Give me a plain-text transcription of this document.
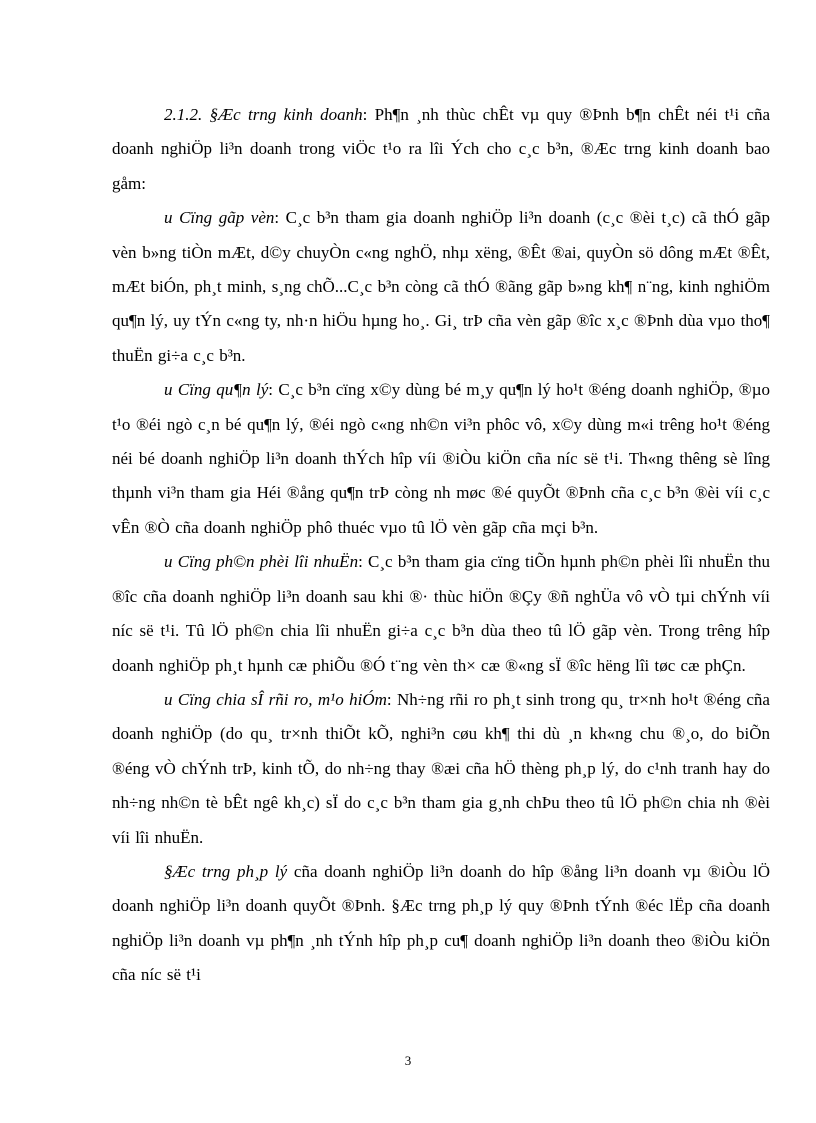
2.1.2. §Æc trng kinh doanh: Ph¶n ¸nh thùc chÊt vµ quy ®Þnh b¶n chÊt néi t¹i cña doanh nghiÖp li³n doanh trong viÖc t¹o ra lîi Ých cho c¸c b³n, ®Æc trng kinh doanh bao gåm:

u Cïng gãp vèn: C¸c b³n tham gia doanh nghiÖp li³n doanh (c¸c ®èi t¸c) cã thÓ gãp vèn b»ng tiÒn mÆt, d©y chuyÒn c«ng nghÖ, nhµ xëng, ®Êt ®ai, quyÒn sö dông mÆt ®Êt, mÆt biÓn, ph¸t minh, s¸ng chÕ...C¸c b³n còng cã thÓ ®ãng gãp b»ng kh¶ n¨ng, kinh nghiÖm qu¶n lý, uy tÝn c«ng ty, nh·n hiÖu hµng ho¸. Gi¸ trÞ cña vèn gãp ®îc x¸c ®Þnh dùa vµo tho¶ thuËn gi÷a c¸c b³n.

u Cïng qu¶n lý: C¸c b³n cïng x©y dùng bé m¸y qu¶n lý ho¹t ®éng doanh nghiÖp, ®µo t¹o ®éi ngò c¸n bé qu¶n lý, ®éi ngò c«ng nh©n vi³n phôc vô, x©y dùng m«i trêng ho¹t ®éng néi bé doanh nghiÖp li³n doanh thÝch hîp víi ®iÒu kiÖn cña níc së t¹i. Th«ng thêng sè lîng thµnh vi³n tham gia Héi ®ång qu¶n trÞ còng nh møc ®é quyÕt ®Þnh cña c¸c b³n ®èi víi c¸c vÊn ®Ò cña doanh nghiÖp phô thuéc vµo tû lÖ vèn gãp cña mçi b³n.

u Cïng ph©n phèi lîi nhuËn: C¸c b³n tham gia cïng tiÕn hµnh ph©n phèi lîi nhuËn thu ®îc cña doanh nghiÖp li³n doanh sau khi ®· thùc hiÖn ®Çy ®ñ nghÜa vô vÒ tµi chÝnh víi níc së t¹i. Tû lÖ ph©n chia lîi nhuËn gi÷a c¸c b³n dùa theo tû lÖ gãp vèn. Trong trêng hîp doanh nghiÖp ph¸t hµnh cæ phiÕu ®Ó t¨ng vèn th× cæ ®«ng sÏ ®îc hëng lîi tøc cæ phÇn.

u Cïng chia sÎ rñi ro, m¹o hiÓm: Nh÷ng rñi ro ph¸t sinh trong qu¸ tr×nh ho¹t ®éng cña doanh nghiÖp (do qu¸ tr×nh thiÕt kÕ, nghi³n cøu kh¶ thi dù ¸n kh«ng chu ®¸o, do biÕn ®éng vÒ chÝnh trÞ, kinh tÕ, do nh÷ng thay ®æi cña hÖ thèng ph¸p lý, do c¹nh tranh hay do nh÷ng nh©n tè bÊt ngê kh¸c) sÏ do c¸c b³n tham gia g¸nh chÞu theo tû lÖ ph©n chia nh ®èi víi lîi nhuËn.

§Æc trng ph¸p lý cña doanh nghiÖp li³n doanh do hîp ®ång li³n doanh vµ ®iÒu lÖ doanh nghiÖp li³n doanh quyÕt ®Þnh. §Æc trng ph¸p lý quy ®Þnh tÝnh ®éc lËp cña doanh nghiÖp li³n doanh vµ ph¶n ¸nh tÝnh hîp ph¸p cu¶ doanh nghiÖp li³n doanh theo ®iÒu kiÖn cña níc së t¹i

3
